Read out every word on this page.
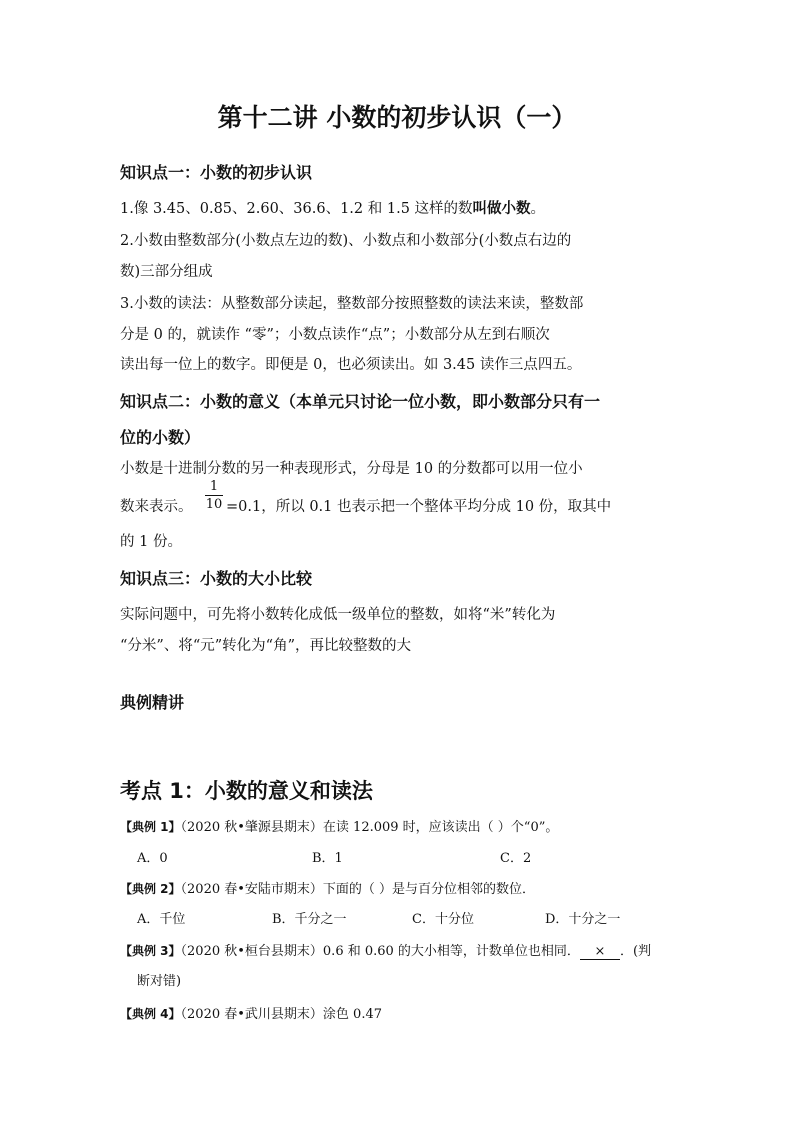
第十二讲 小数的初步认识（一）
知识点一：小数的初步认识
1.像 3.45、0.85、2.60、36.6、1.2 和 1.5 这样的数叫做小数。
2.小数由整数部分(小数点左边的数)、小数点和小数部分(小数点右边的
数)三部分组成
3.小数的读法：从整数部分读起，整数部分按照整数的读法来读，整数部
分是 0 的，就读作 “零”；小数点读作“点”；小数部分从左到右顺次
读出每一位上的数字。即便是 0，也必须读出。如 3.45 读作三点四五。
知识点二：小数的意义（本单元只讨论一位小数，即小数部分只有一
位的小数）
小数是十进制分数的另一种表现形式，分母是 10 的分数都可以用一位小
数来表示。 $\frac{1}{10} =0.1$，所以 0.1 也表示把一个整体平均分成 10 份，取其中
的 1 份。
知识点三：小数的大小比较
实际问题中，可先将小数转化成低一级单位的整数，如将“米”转化为
“分米”、将“元”转化为“角”，再比较整数的大
典例精讲
考点 1：小数的意义和读法
【典例 1】（2020 秋•肇源县期末）在读 12.009 时，应该读出（ ）个“0”。
A．0	B．1	C．2
【典例 2】（2020 春•安陆市期末）下面的（ ）是与百分位相邻的数位．
A．千位	B．千分之一	C．十分位	D．十分之一
【典例 3】（2020 秋•桓台县期末）0.6 和 0.60 的大小相等，计数单位也相同． × ．(判
断对错)
【典例 4】（2020 春•武川县期末）涂色 0.47
